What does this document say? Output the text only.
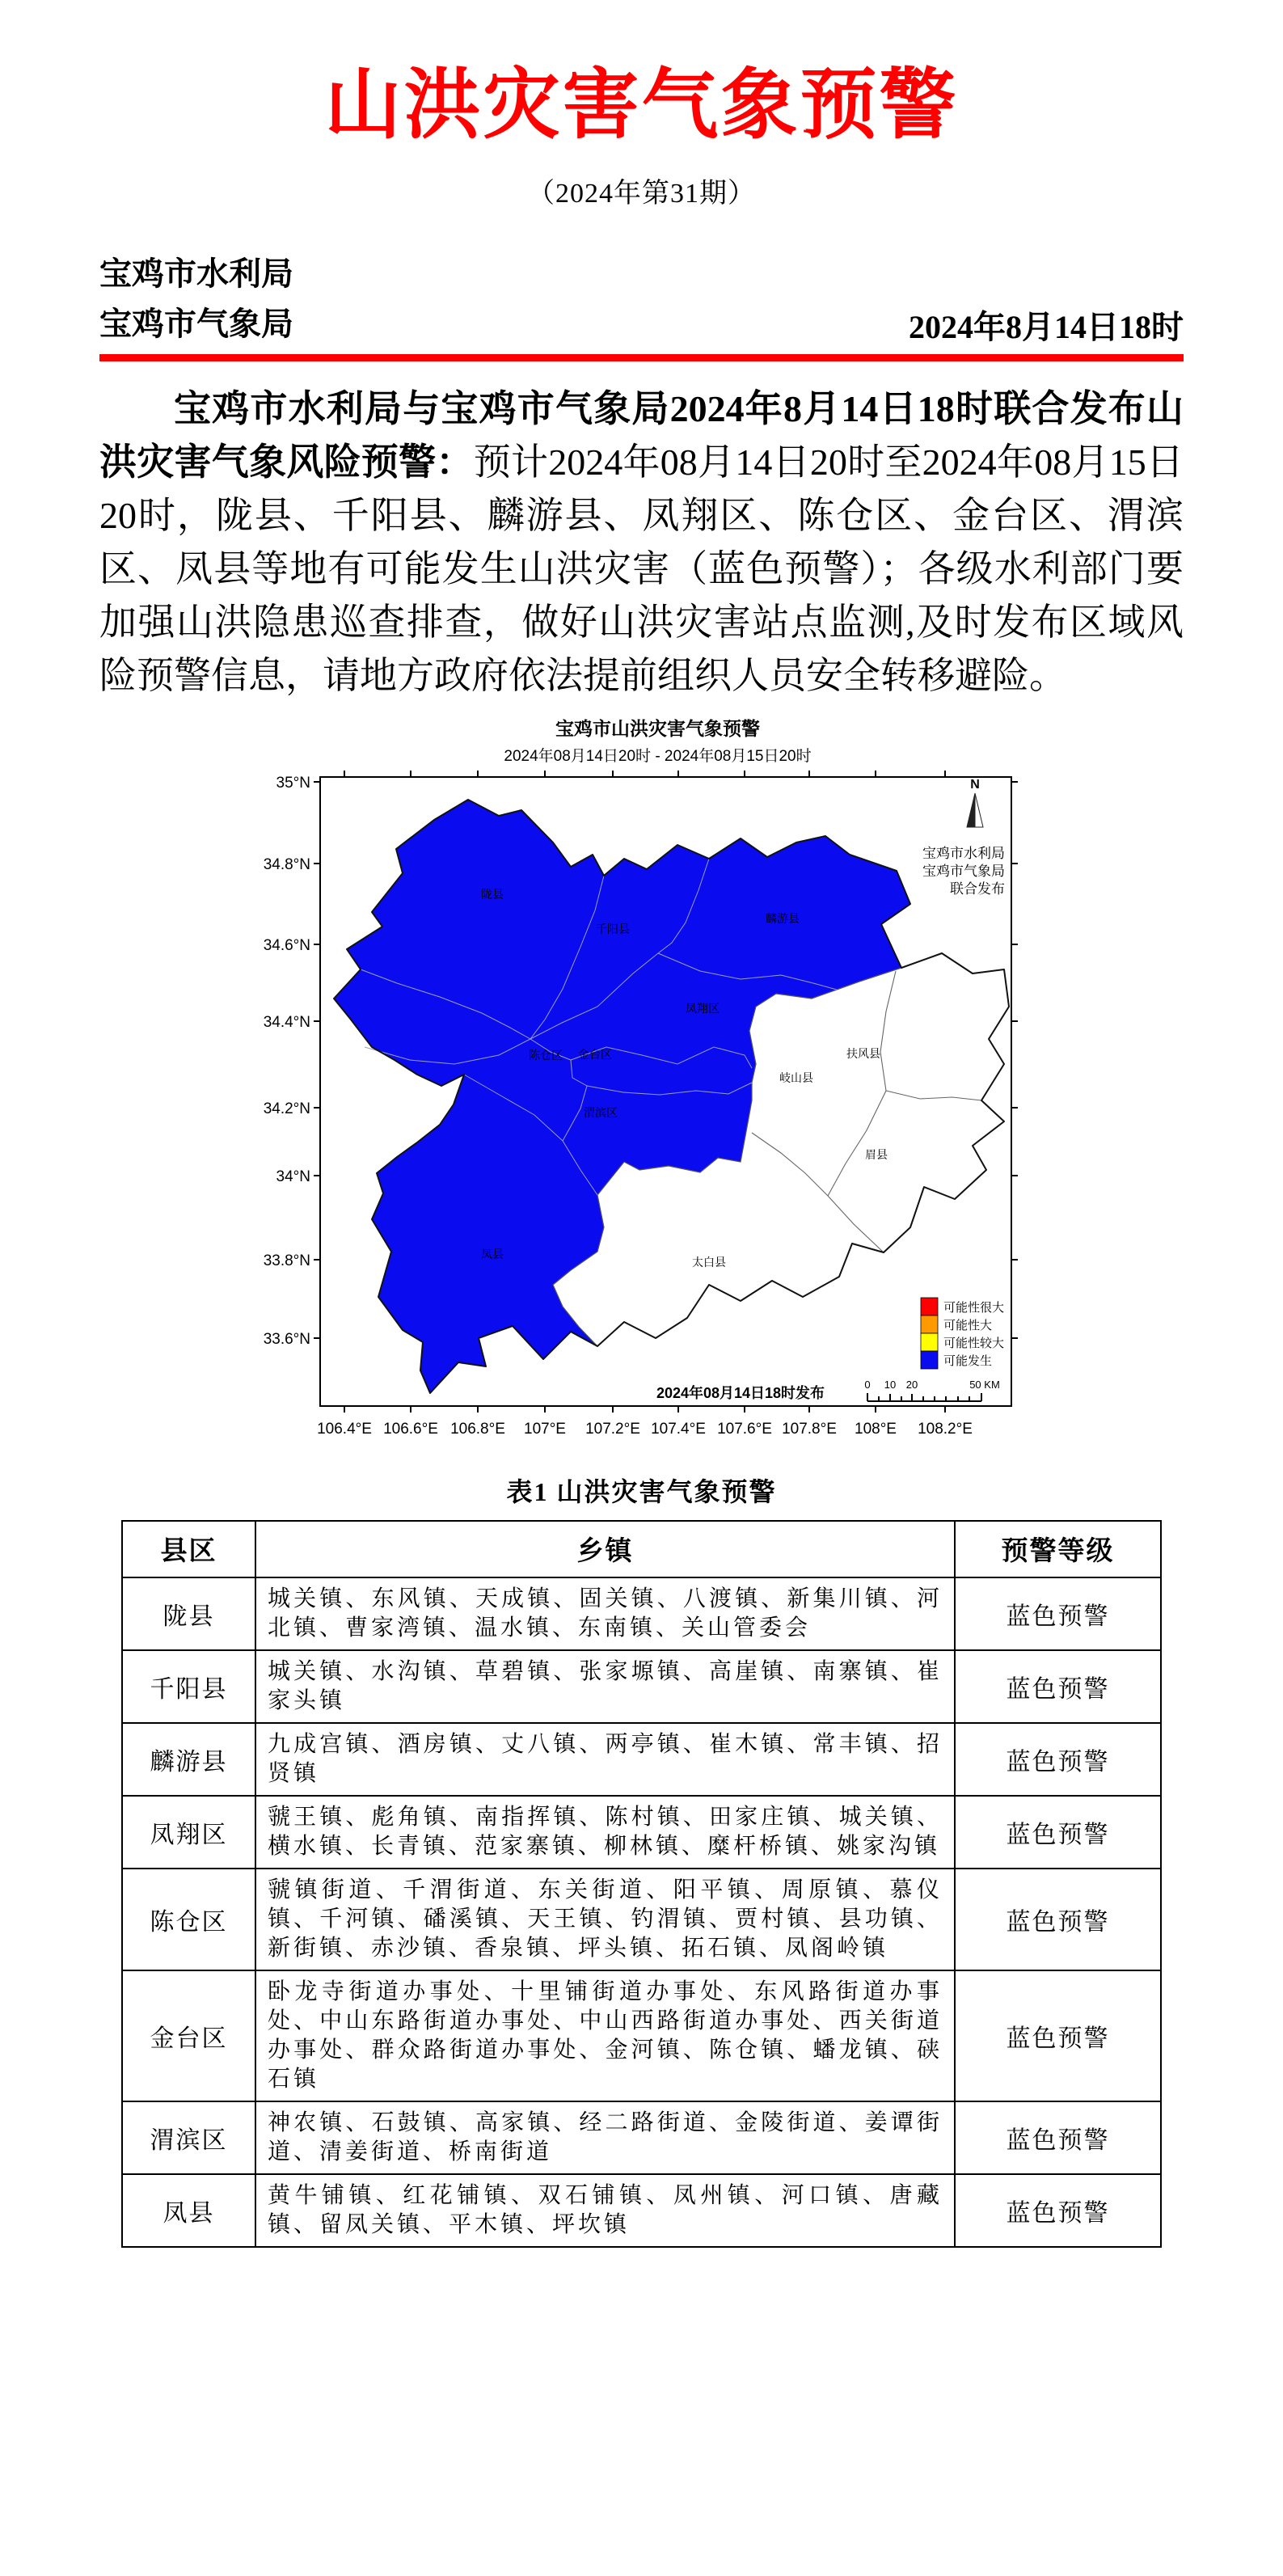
山洪灾害气象预警
（2024年第31期）
宝鸡市水利局
宝鸡市气象局	2024年8月14日18时
宝鸡市水利局与宝鸡市气象局2024年8月14日18时联合发布山洪灾害气象风险预警：预计2024年08月14日20时至2024年08月15日20时，陇县、千阳县、麟游县、凤翔区、陈仓区、金台区、渭滨区、凤县等地有可能发生山洪灾害（蓝色预警）；各级水利部门要加强山洪隐患巡查排查，做好山洪灾害站点监测,及时发布区域风险预警信息，请地方政府依法提前组织人员安全转移避险。
宝鸡市山洪灾害气象预警
2024年08月14日20时 - 2024年08月15日20时
陇县
千阳县
麟游县
凤翔区
陈仓区 金台区
渭滨区
岐山县
扶风县
眉县
太白县
凤县
N
宝鸡市水利局
宝鸡市气象局
联合发布
可能性很大
可能性大
可能性较大
可能发生
2024年08月14日18时发布
0 10 20	50 KM
35°N
34.8°N
34.6°N
34.4°N
34.2°N
34°N
33.8°N
33.6°N
106.4°E 106.6°E 106.8°E 107°E 107.2°E 107.4°E 107.6°E 107.8°E 108°E 108.2°E
表1 山洪灾害气象预警
县区	乡镇	预警等级
陇县	城关镇、东风镇、天成镇、固关镇、八渡镇、新集川镇、河北镇、曹家湾镇、温水镇、东南镇、关山管委会	蓝色预警
千阳县	城关镇、水沟镇、草碧镇、张家塬镇、高崖镇、南寨镇、崔家头镇	蓝色预警
麟游县	九成宫镇、酒房镇、丈八镇、两亭镇、崔木镇、常丰镇、招贤镇	蓝色预警
凤翔区	虢王镇、彪角镇、南指挥镇、陈村镇、田家庄镇、城关镇、横水镇、长青镇、范家寨镇、柳林镇、糜杆桥镇、姚家沟镇	蓝色预警
陈仓区	虢镇街道、千渭街道、东关街道、阳平镇、周原镇、慕仪镇、千河镇、磻溪镇、天王镇、钓渭镇、贾村镇、县功镇、新街镇、赤沙镇、香泉镇、坪头镇、拓石镇、凤阁岭镇	蓝色预警
金台区	卧龙寺街道办事处、十里铺街道办事处、东风路街道办事处、中山东路街道办事处、中山西路街道办事处、西关街道办事处、群众路街道办事处、金河镇、陈仓镇、蟠龙镇、硖石镇	蓝色预警
渭滨区	神农镇、石鼓镇、高家镇、经二路街道、金陵街道、姜谭街道、清姜街道、桥南街道	蓝色预警
凤县	黄牛铺镇、红花铺镇、双石铺镇、凤州镇、河口镇、唐藏镇、留凤关镇、平木镇、坪坎镇	蓝色预警
